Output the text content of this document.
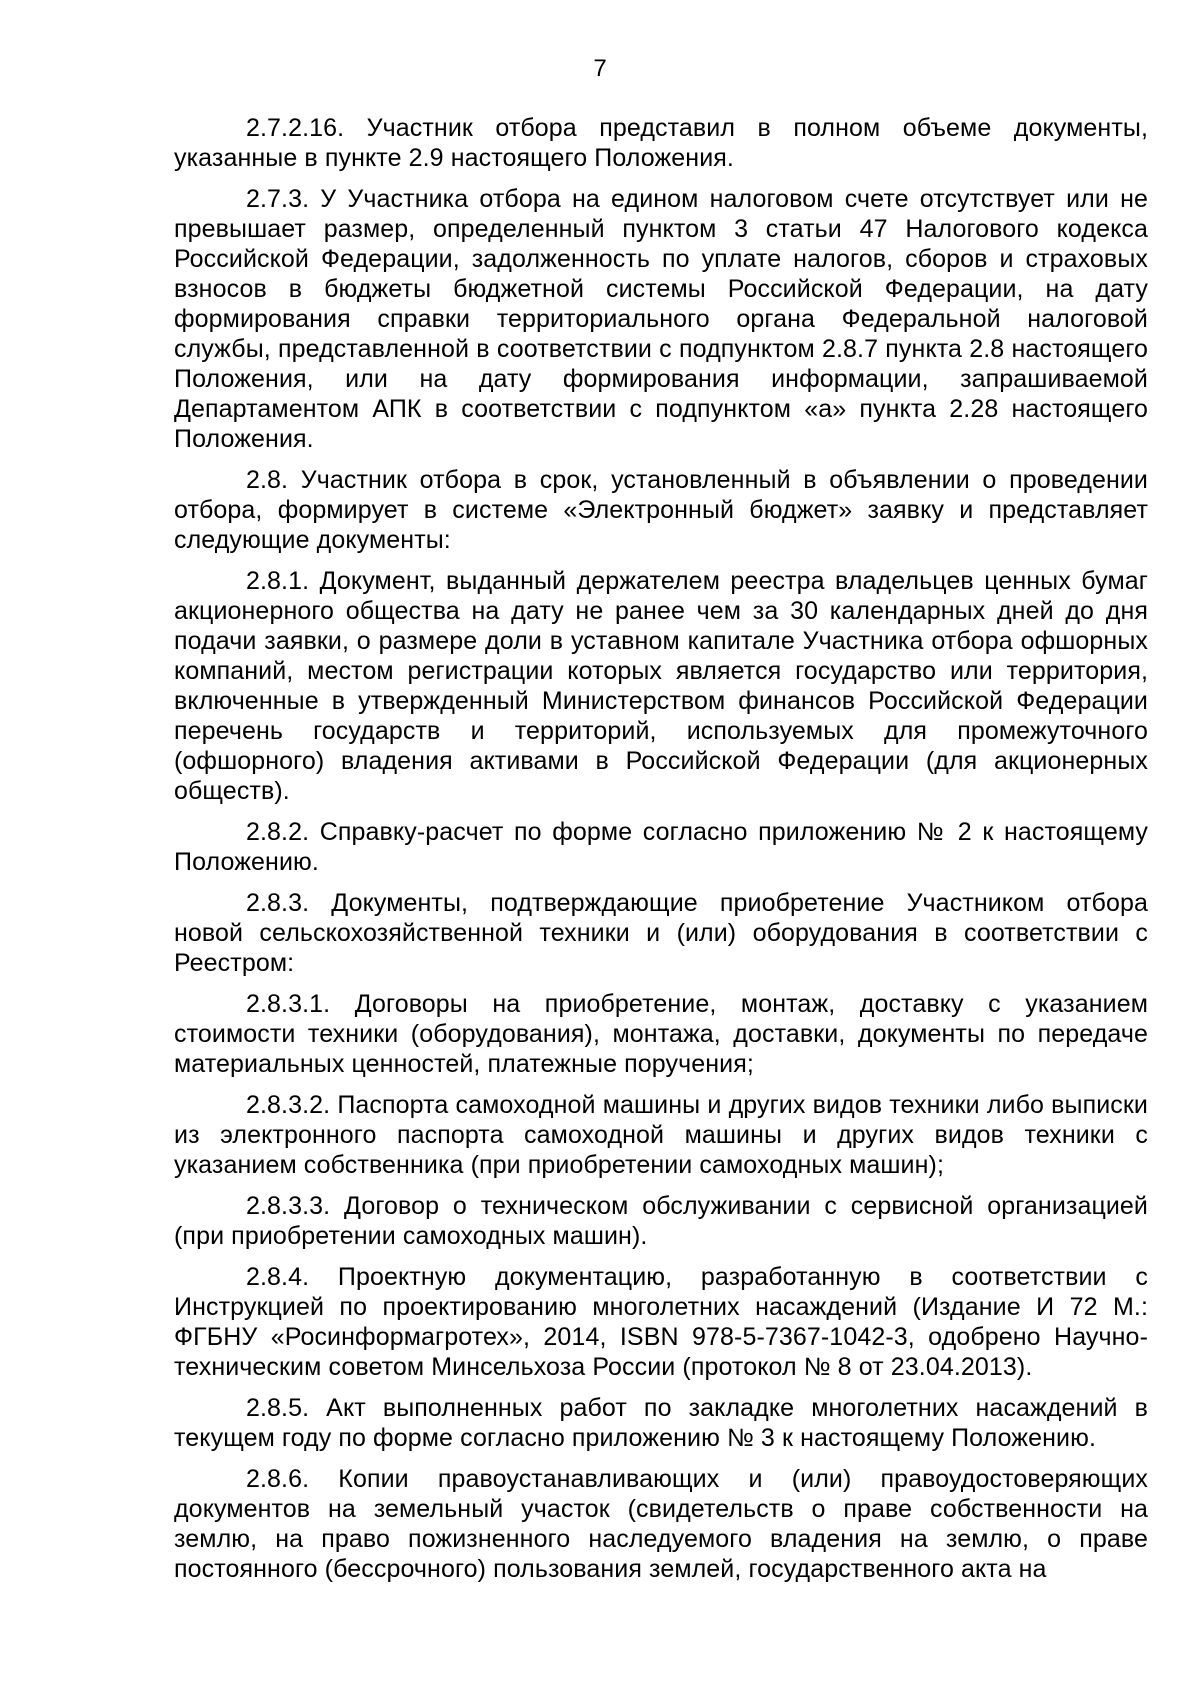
7

2.7.2.16. Участник отбора представил в полном объеме документы, указанные в пункте 2.9 настоящего Положения.

2.7.3. У Участника отбора на едином налоговом счете отсутствует или не превышает размер, определенный пунктом 3 статьи 47 Налогового кодекса Российской Федерации, задолженность по уплате налогов, сборов и страховых взносов в бюджеты бюджетной системы Российской Федерации, на дату формирования справки территориального органа Федеральной налоговой службы, представленной в соответствии с подпунктом 2.8.7 пункта 2.8 настоящего Положения, или на дату формирования информации, запрашиваемой Департаментом АПК в соответствии с подпунктом «а» пункта 2.28 настоящего Положения.

2.8. Участник отбора в срок, установленный в объявлении о проведении отбора, формирует в системе «Электронный бюджет» заявку и представляет следующие документы:

2.8.1. Документ, выданный держателем реестра владельцев ценных бумаг акционерного общества на дату не ранее чем за 30 календарных дней до дня подачи заявки, о размере доли в уставном капитале Участника отбора офшорных компаний, местом регистрации которых является государство или территория, включенные в утвержденный Министерством финансов Российской Федерации перечень государств и территорий, используемых для промежуточного (офшорного) владения активами в Российской Федерации (для акционерных обществ).

2.8.2. Справку-расчет по форме согласно приложению № 2 к настоящему Положению.

2.8.3. Документы, подтверждающие приобретение Участником отбора новой сельскохозяйственной техники и (или) оборудования в соответствии с Реестром:

2.8.3.1. Договоры на приобретение, монтаж, доставку с указанием стоимости техники (оборудования), монтажа, доставки, документы по передаче материальных ценностей, платежные поручения;

2.8.3.2. Паспорта самоходной машины и других видов техники либо выписки из электронного паспорта самоходной машины и других видов техники с указанием собственника (при приобретении самоходных машин);

2.8.3.3. Договор о техническом обслуживании с сервисной организацией (при приобретении самоходных машин).

2.8.4. Проектную документацию, разработанную в соответствии с Инструкцией по проектированию многолетних насаждений (Издание И 72 М.: ФГБНУ «Росинформагротех», 2014, ISBN 978-5-7367-1042-3, одобрено Научно-техническим советом Минсельхоза России (протокол № 8 от 23.04.2013).

2.8.5. Акт выполненных работ по закладке многолетних насаждений в текущем году по форме согласно приложению № 3 к настоящему Положению.

2.8.6. Копии правоустанавливающих и (или) правоудостоверяющих документов на земельный участок (свидетельств о праве собственности на землю, на право пожизненного наследуемого владения на землю, о праве постоянного (бессрочного) пользования землей, государственного акта на
